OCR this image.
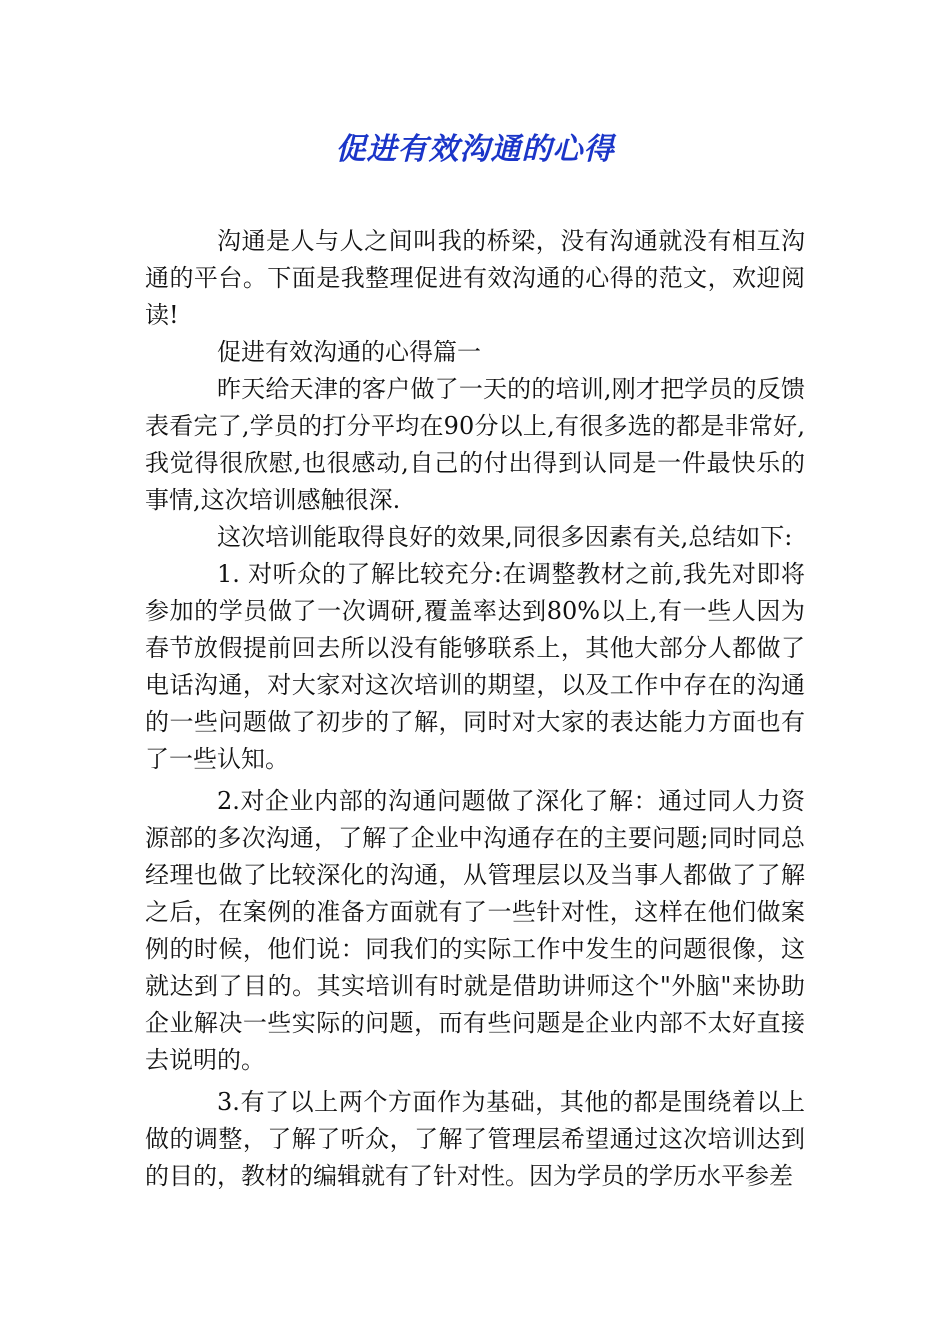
促进有效沟通的心得

沟通是人与人之间叫我的桥梁，没有沟通就没有相互沟通的平台。下面是我整理促进有效沟通的心得的范文，欢迎阅读!

促进有效沟通的心得篇一

昨天给天津的客户做了一天的的培训,刚才把学员的反馈表看完了,学员的打分平均在90分以上,有很多选的都是非常好,我觉得很欣慰,也很感动,自己的付出得到认同是一件最快乐的事情,这次培训感触很深.

这次培训能取得良好的效果,同很多因素有关,总结如下:

1. 对听众的了解比较充分:在调整教材之前,我先对即将参加的学员做了一次调研,覆盖率达到80%以上,有一些人因为春节放假提前回去所以没有能够联系上，其他大部分人都做了电话沟通，对大家对这次培训的期望，以及工作中存在的沟通的一些问题做了初步的了解，同时对大家的表达能力方面也有了一些认知。

2.对企业内部的沟通问题做了深化了解：通过同人力资源部的多次沟通，了解了企业中沟通存在的主要问题;同时同总经理也做了比较深化的沟通，从管理层以及当事人都做了了解之后，在案例的准备方面就有了一些针对性，这样在他们做案例的时候，他们说：同我们的实际工作中发生的问题很像，这就达到了目的。其实培训有时就是借助讲师这个"外脑"来协助企业解决一些实际的问题，而有些问题是企业内部不太好直接去说明的。

3.有了以上两个方面作为基础，其他的都是围绕着以上做的调整，了解了听众，了解了管理层希望通过这次培训达到的目的，教材的编辑就有了针对性。因为学员的学历水平参差
